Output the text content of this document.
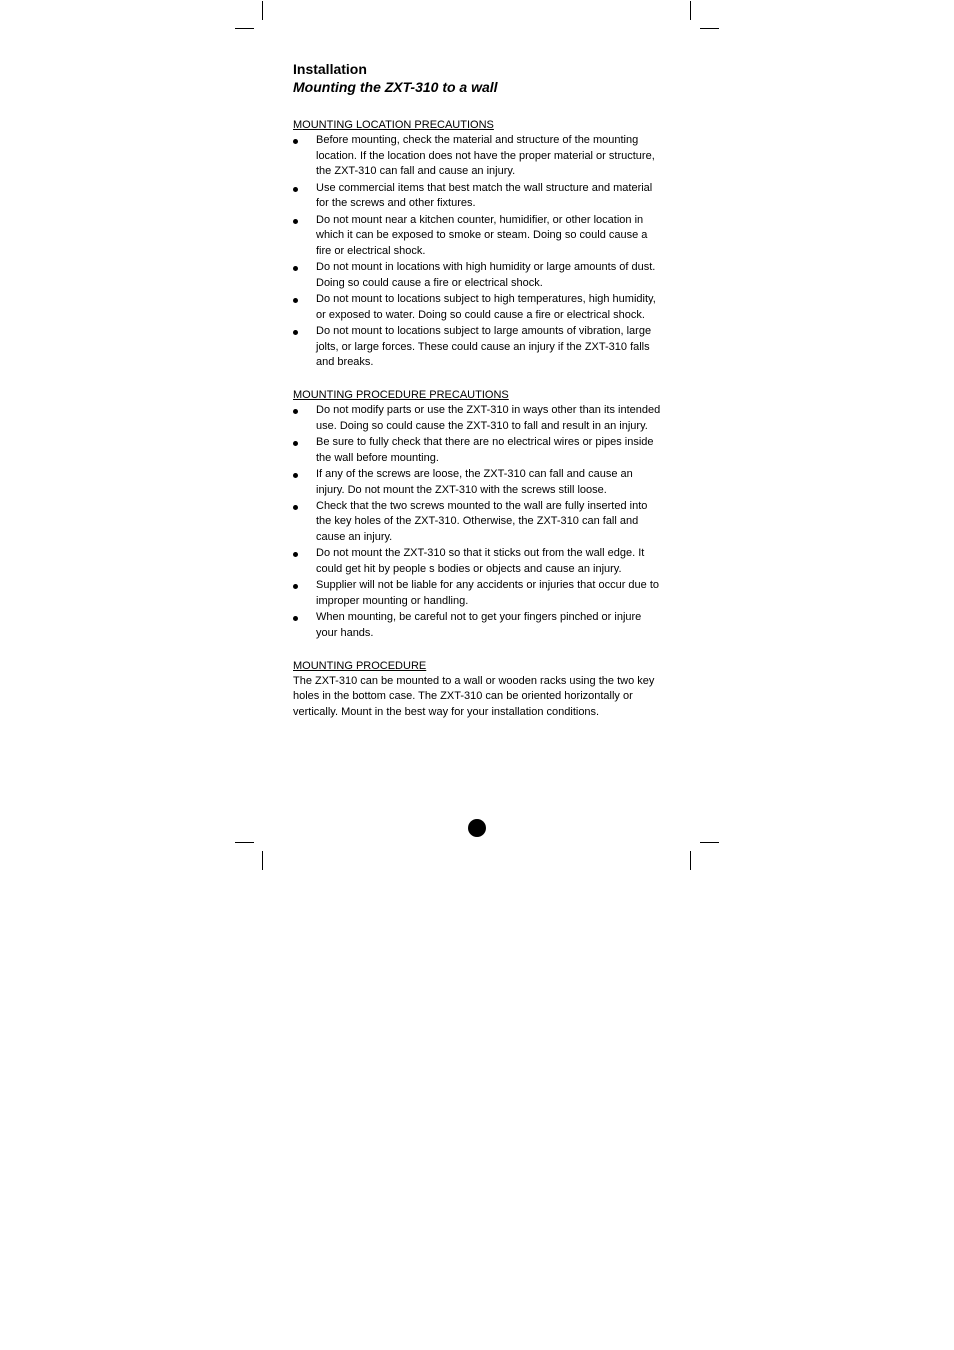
Installation
Mounting the ZXT-310 to a wall
MOUNTING LOCATION PRECAUTIONS
Before mounting, check the material and structure of the mounting location. If the location does not have the proper material or structure, the ZXT-310 can fall and cause an injury.
Use commercial items that best match the wall structure and material for the screws and other fixtures.
Do not mount near a kitchen counter, humidifier, or other location in which it can be exposed to smoke or steam. Doing so could cause a fire or electrical shock.
Do not mount in locations with high humidity or large amounts of dust. Doing so could cause a fire or electrical shock.
Do not mount to locations subject to high temperatures, high humidity, or exposed to water. Doing so could cause a fire or electrical shock.
Do not mount to locations subject to large amounts of vibration, large jolts, or large forces. These could cause an injury if the ZXT-310 falls and breaks.
MOUNTING PROCEDURE PRECAUTIONS
Do not modify parts or use the ZXT-310 in ways other than its intended use. Doing so could cause the ZXT-310 to fall and result in an injury.
Be sure to fully check that there are no electrical wires or pipes inside the wall before mounting.
If any of the screws are loose, the ZXT-310 can fall and cause an injury. Do not mount the ZXT-310 with the screws still loose.
Check that the two screws mounted to the wall are fully inserted into the key holes of the ZXT-310. Otherwise, the ZXT-310 can fall and cause an injury.
Do not mount the ZXT-310 so that it sticks out from the wall edge. It could get hit by people s bodies or objects and cause an injury.
Supplier will not be liable for any accidents or injuries that occur due to improper mounting or handling.
When mounting, be careful not to get your fingers pinched or injure your hands.
MOUNTING PROCEDURE

The ZXT-310 can be mounted to a wall or wooden racks using the two key holes in the bottom case. The ZXT-310 can be oriented horizontally or vertically. Mount in the best way for your installation conditions.
